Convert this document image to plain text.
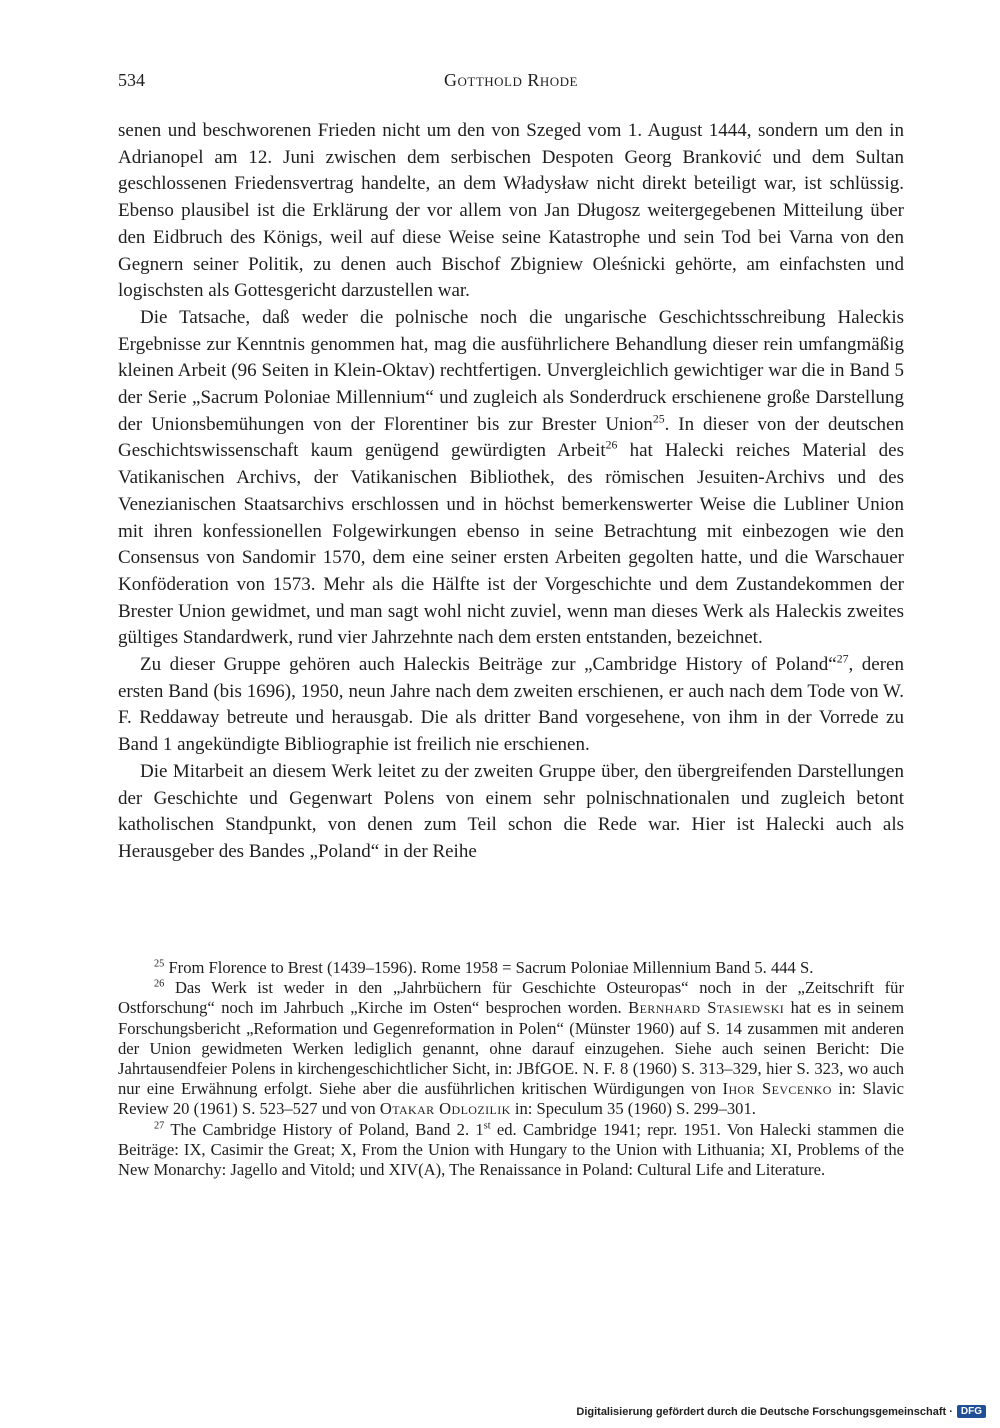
534	Gotthold Rhode

senen und beschworenen Frieden nicht um den von Szeged vom 1. August 1444, sondern um den in Adrianopel am 12. Juni zwischen dem serbischen Despoten Georg Branković und dem Sultan geschlossenen Friedensvertrag handelte, an dem Władysław nicht direkt beteiligt war, ist schlüssig. Ebenso plausibel ist die Erklärung der vor allem von Jan Długosz weitergegebenen Mitteilung über den Eidbruch des Königs, weil auf diese Weise seine Katastrophe und sein Tod bei Varna von den Gegnern seiner Politik, zu denen auch Bischof Zbigniew Oleśnicki gehörte, am einfachsten und logischsten als Gottesgericht darzustellen war.

Die Tatsache, daß weder die polnische noch die ungarische Geschichtsschreibung Haleckis Ergebnisse zur Kenntnis genommen hat, mag die ausführlichere Behandlung dieser rein umfangmäßig kleinen Arbeit (96 Seiten in Klein-Oktav) rechtfertigen. Unvergleichlich gewichtiger war die in Band 5 der Serie „Sacrum Poloniae Millennium“ und zugleich als Sonderdruck erschienene große Darstellung der Unionsbemühungen von der Florentiner bis zur Brester Union$^{25}$. In dieser von der deutschen Geschichtswissenschaft kaum genügend gewürdigten Arbeit$^{26}$ hat Halecki reiches Material des Vatikanischen Archivs, der Vatikanischen Bibliothek, des römischen Jesuiten-Archivs und des Venezianischen Staatsarchivs erschlossen und in höchst bemerkenswerter Weise die Lubliner Union mit ihren konfessionellen Folgewirkungen ebenso in seine Betrachtung mit einbezogen wie den Consensus von Sandomir 1570, dem eine seiner ersten Arbeiten gegolten hatte, und die Warschauer Konföderation von 1573. Mehr als die Hälfte ist der Vorgeschichte und dem Zustandekommen der Brester Union gewidmet, und man sagt wohl nicht zuviel, wenn man dieses Werk als Haleckis zweites gültiges Standardwerk, rund vier Jahrzehnte nach dem ersten entstanden, bezeichnet.

Zu dieser Gruppe gehören auch Haleckis Beiträge zur „Cambridge History of Poland“$^{27}$, deren ersten Band (bis 1696), 1950, neun Jahre nach dem zweiten erschienen, er auch nach dem Tode von W. F. Reddaway betreute und herausgab. Die als dritter Band vorgesehene, von ihm in der Vorrede zu Band 1 angekündigte Bibliographie ist freilich nie erschienen.

Die Mitarbeit an diesem Werk leitet zu der zweiten Gruppe über, den übergreifenden Darstellungen der Geschichte und Gegenwart Polens von einem sehr polnischnationalen und zugleich betont katholischen Standpunkt, von denen zum Teil schon die Rede war. Hier ist Halecki auch als Herausgeber des Bandes „Poland“ in der Reihe

$^{25}$ From Florence to Brest (1439–1596). Rome 1958 = Sacrum Poloniae Millennium Band 5. 444 S.

$^{26}$ Das Werk ist weder in den „Jahrbüchern für Geschichte Osteuropas“ noch in der „Zeitschrift für Ostforschung“ noch im Jahrbuch „Kirche im Osten“ besprochen worden. Bernhard Stasiewski hat es in seinem Forschungsbericht „Reformation und Gegenreformation in Polen“ (Münster 1960) auf S. 14 zusammen mit anderen der Union gewidmeten Werken lediglich genannt, ohne darauf einzugehen. Siehe auch seinen Bericht: Die Jahrtausendfeier Polens in kirchengeschichtlicher Sicht, in: JBfGOE. N. F. 8 (1960) S. 313–329, hier S. 323, wo auch nur eine Erwähnung erfolgt. Siehe aber die ausführlichen kritischen Würdigungen von Ihor Sevcenko in: Slavic Review 20 (1961) S. 523–527 und von Otakar Odlozilik in: Speculum 35 (1960) S. 299–301.

$^{27}$ The Cambridge History of Poland, Band 2. 1st ed. Cambridge 1941; repr. 1951. Von Halecki stammen die Beiträge: IX, Casimir the Great; X, From the Union with Hungary to the Union with Lithuania; XI, Problems of the New Monarchy: Jagello and Vitold; und XIV(A), The Renaissance in Poland: Cultural Life and Literature.

Digitalisierung gefördert durch die Deutsche Forschungsgemeinschaft · DFG
